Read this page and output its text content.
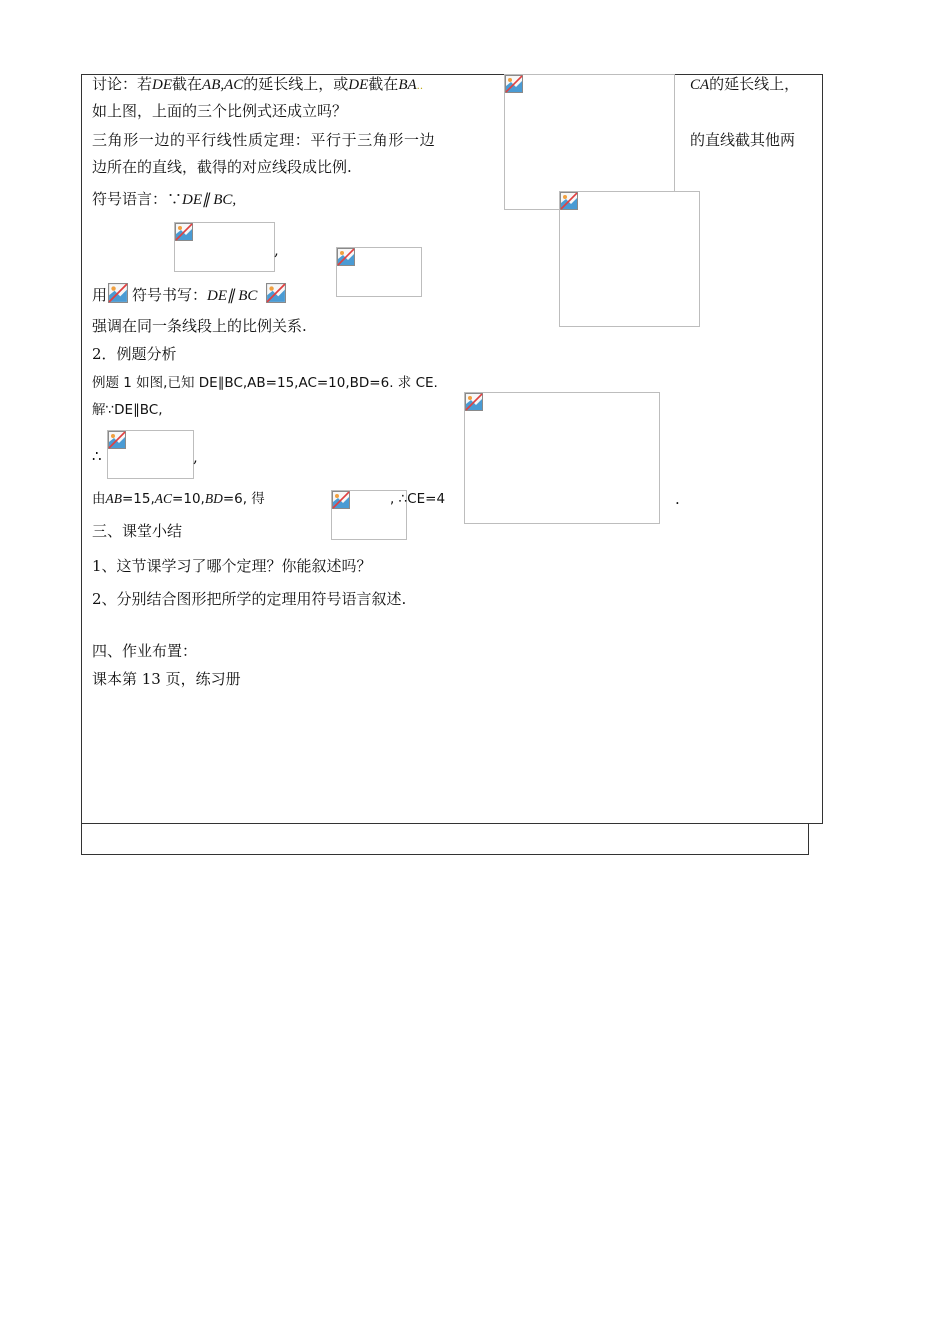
讨论：若DE截在AB,AC的延长线上，或DE截在BA..	CA的延长线上，
如上图，上面的三个比例式还成立吗？
三角形一边的平行线性质定理：平行于三角形一边	的直线截其他两
边所在的直线，截得的对应线段成比例.
符号语言：∵DE∥ BC,
,
用 符号书写：DE∥ BC
强调在同一条线段上的比例关系.
2．例题分析
例题 1 如图,已知 DE∥BC,AB=15,AC=10,BD=6. 求 CE.
解∵DE∥BC,
∴	,
由AB=15,AC=10,BD=6, 得	, ∴CE=4	.
三、课堂小结
1、这节课学习了哪个定理？你能叙述吗？
2、分别结合图形把所学的定理用符号语言叙述.
四、作业布置：
课本第 13 页，练习册
